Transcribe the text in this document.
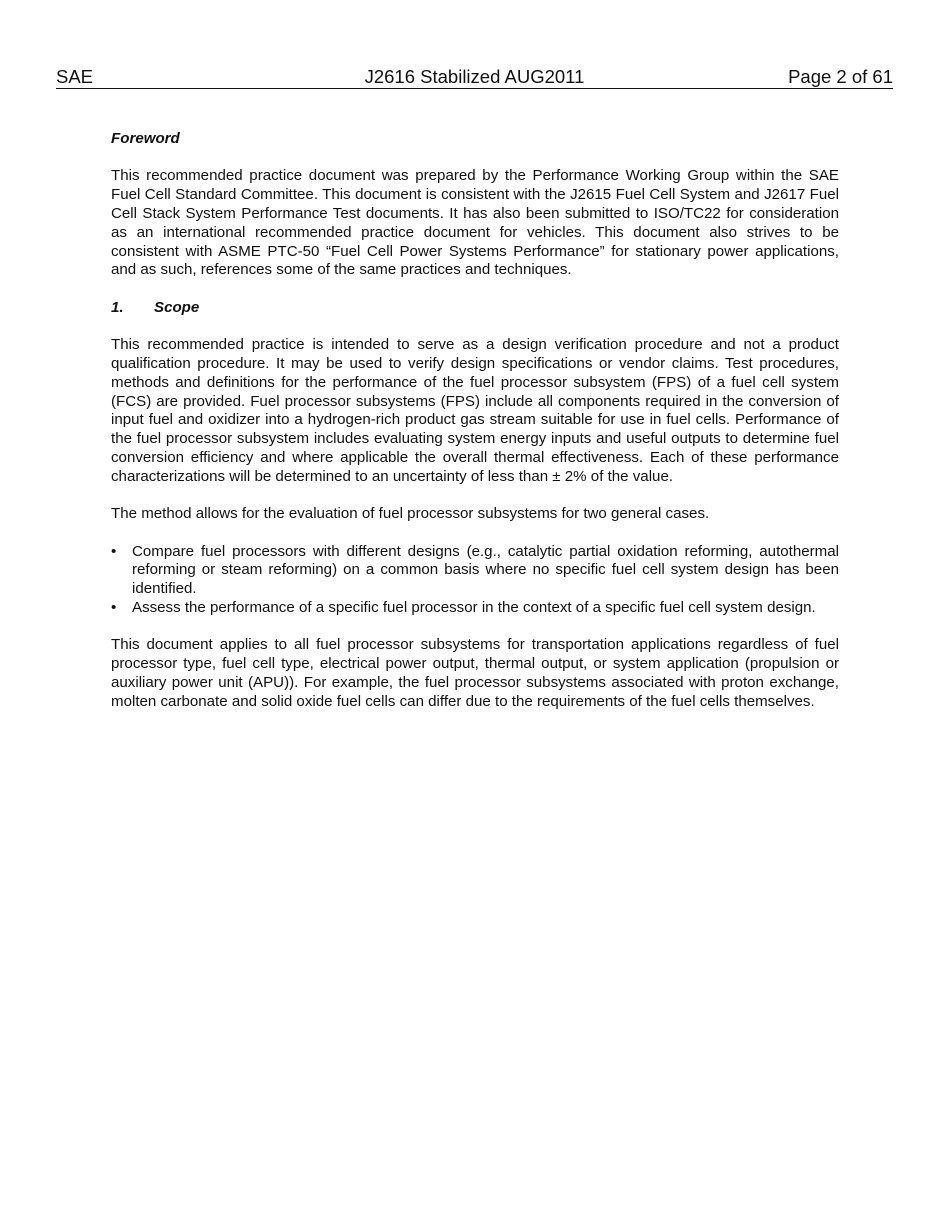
SAE	J2616 Stabilized AUG2011	Page 2 of 61
Foreword

This recommended practice document was prepared by the Performance Working Group within the SAE Fuel Cell Standard Committee. This document is consistent with the J2615 Fuel Cell System and J2617 Fuel Cell Stack System Performance Test documents. It has also been submitted to ISO/TC22 for consideration as an international recommended practice document for vehicles. This document also strives to be consistent with ASME PTC-50 “Fuel Cell Power Systems Performance” for stationary power applications, and as such, references some of the same practices and techniques.

1. Scope

This recommended practice is intended to serve as a design verification procedure and not a product qualification procedure. It may be used to verify design specifications or vendor claims. Test procedures, methods and definitions for the performance of the fuel processor subsystem (FPS) of a fuel cell system (FCS) are provided. Fuel processor subsystems (FPS) include all components required in the conversion of input fuel and oxidizer into a hydrogen-rich product gas stream suitable for use in fuel cells. Performance of the fuel processor subsystem includes evaluating system energy inputs and useful outputs to determine fuel conversion efficiency and where applicable the overall thermal effectiveness. Each of these performance characterizations will be determined to an uncertainty of less than ± 2% of the value.

The method allows for the evaluation of fuel processor subsystems for two general cases.

• Compare fuel processors with different designs (e.g., catalytic partial oxidation reforming, autothermal reforming or steam reforming) on a common basis where no specific fuel cell system design has been identified.
• Assess the performance of a specific fuel processor in the context of a specific fuel cell system design.

This document applies to all fuel processor subsystems for transportation applications regardless of fuel processor type, fuel cell type, electrical power output, thermal output, or system application (propulsion or auxiliary power unit (APU)). For example, the fuel processor subsystems associated with proton exchange, molten carbonate and solid oxide fuel cells can differ due to the requirements of the fuel cells themselves.
